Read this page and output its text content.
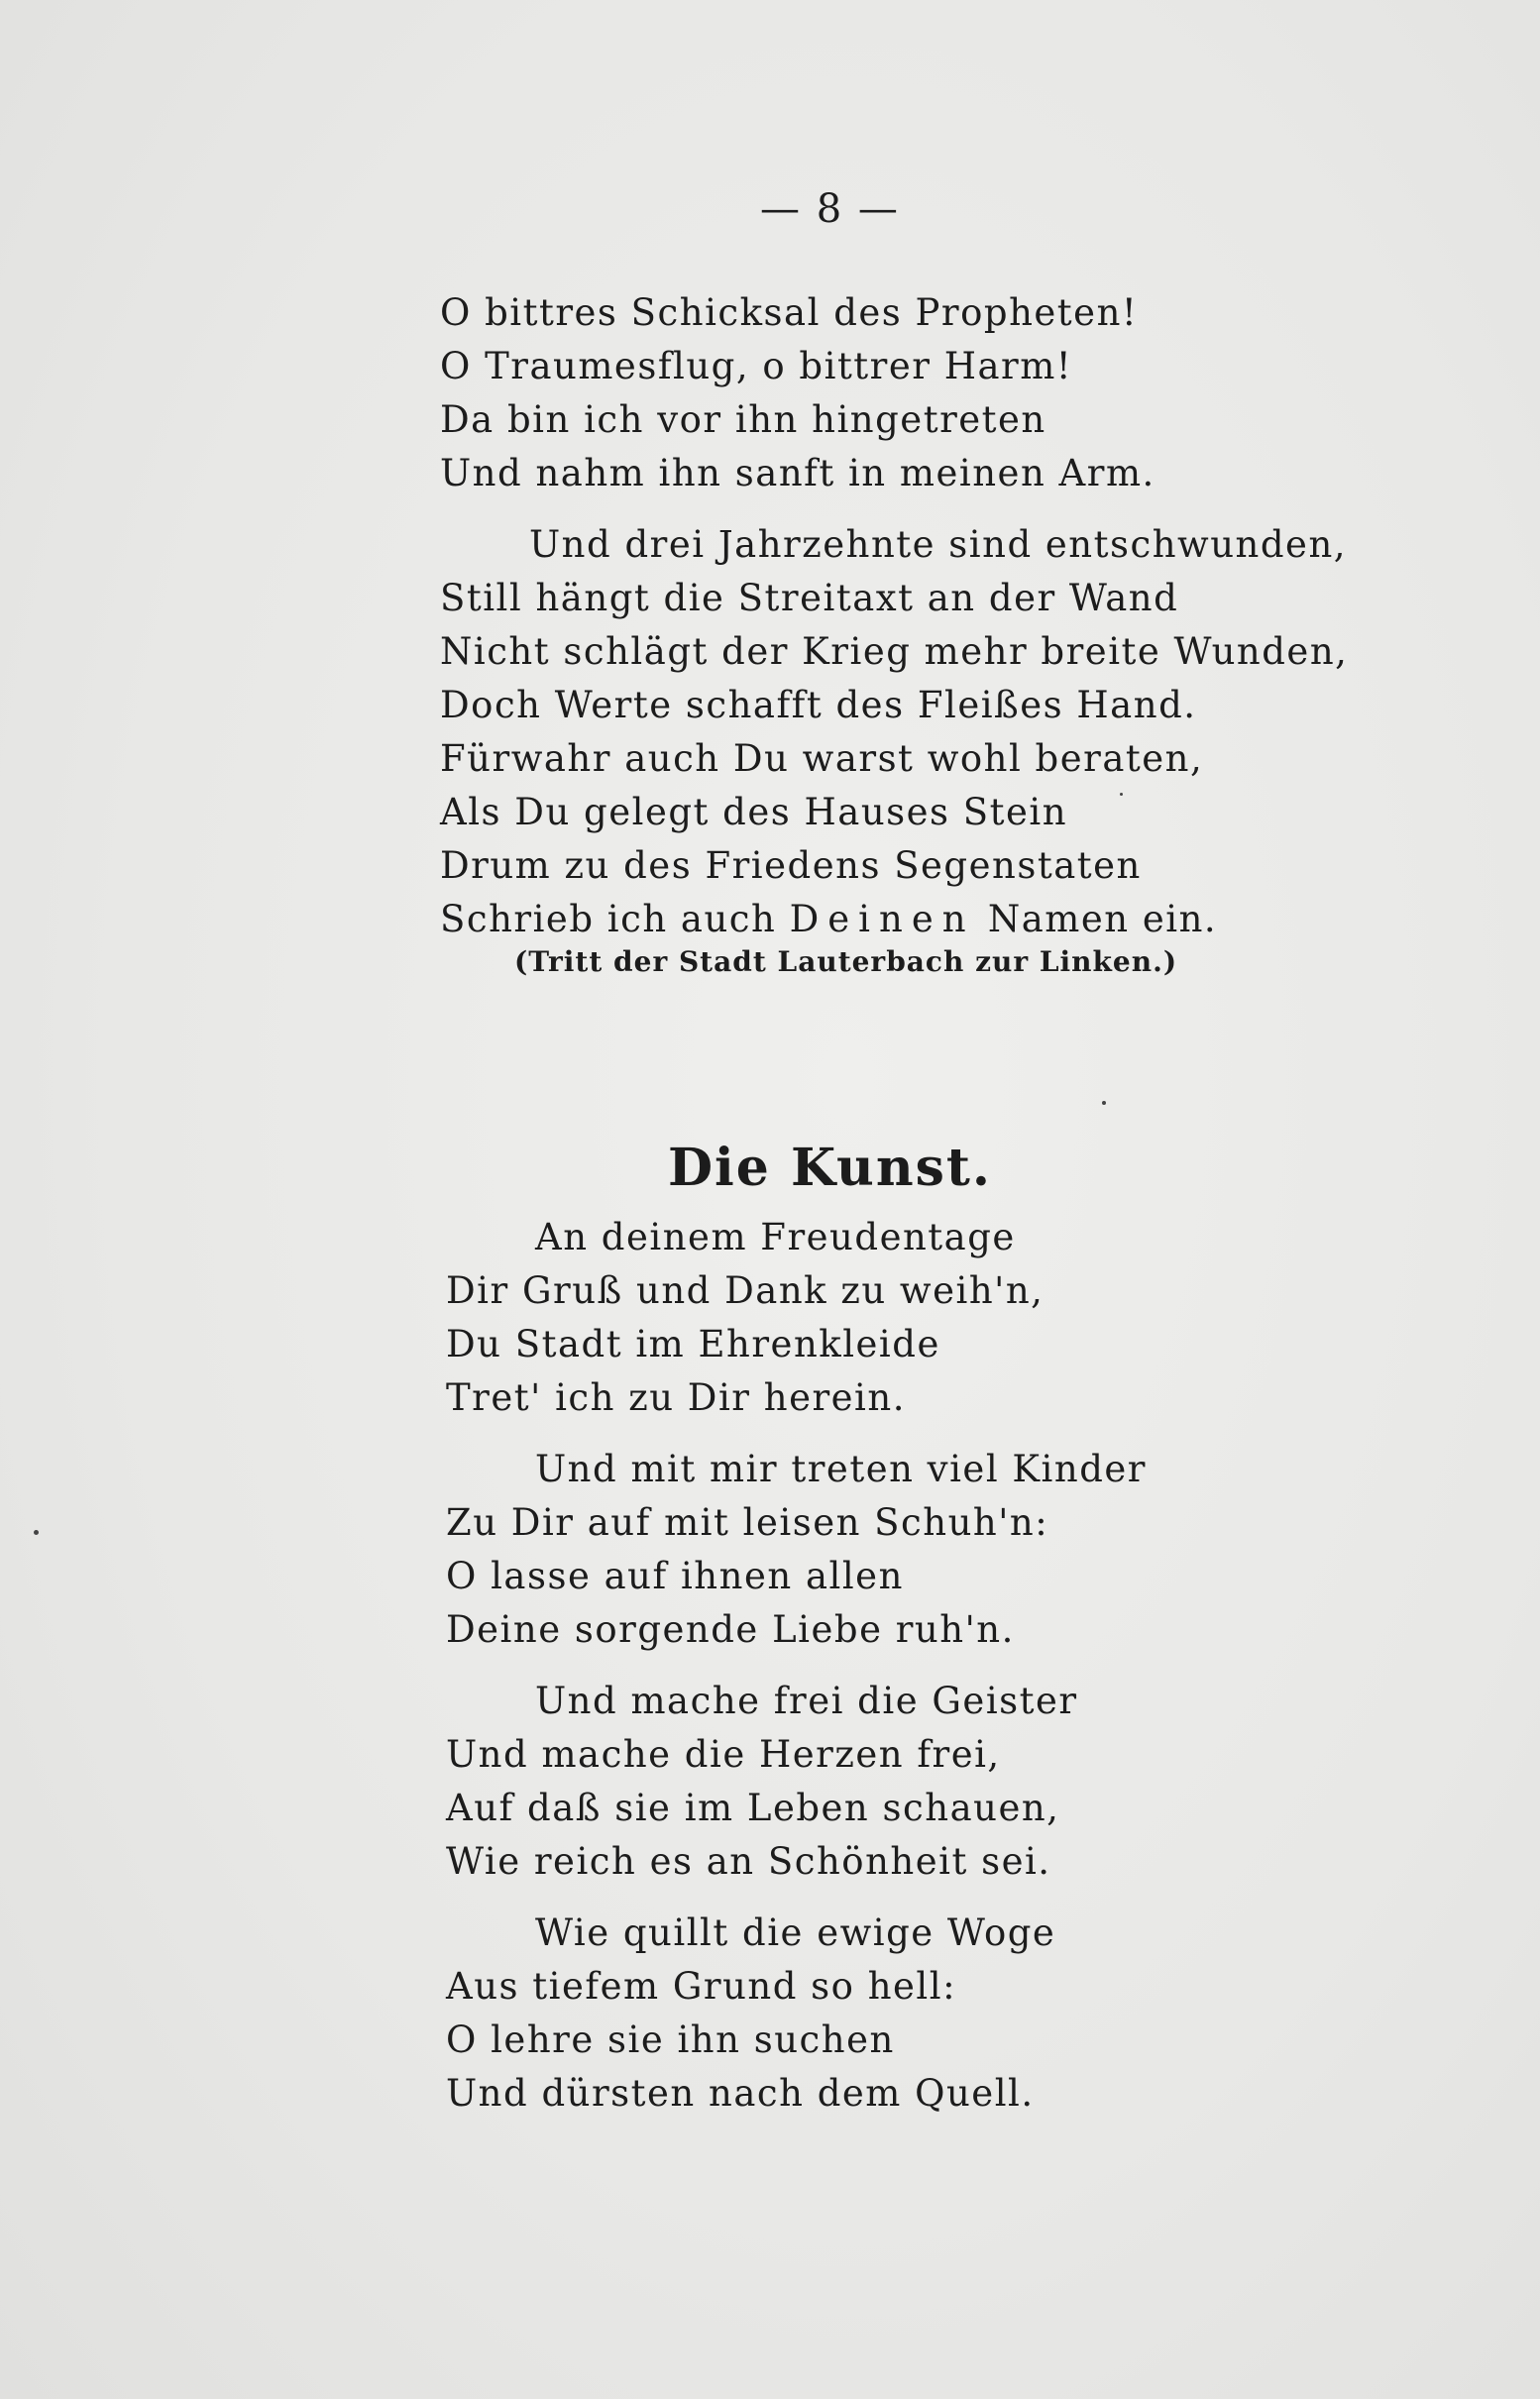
— 8 —
O bittres Schicksal des Propheten!
O Traumesflug, o bittrer Harm!
Da bin ich vor ihn hingetreten
Und nahm ihn sanft in meinen Arm.
Und drei Jahrzehnte sind entschwunden,
Still hängt die Streitaxt an der Wand
Nicht schlägt der Krieg mehr breite Wunden,
Doch Werte schafft des Fleißes Hand.
Fürwahr auch Du warst wohl beraten,
Als Du gelegt des Hauses Stein
Drum zu des Friedens Segenstaten
Schrieb ich auch Deinen Namen ein.
(Tritt der Stadt Lauterbach zur Linken.)
Die Kunst.
An deinem Freudentage
Dir Gruß und Dank zu weih'n,
Du Stadt im Ehrenkleide
Tret' ich zu Dir herein.
Und mit mir treten viel Kinder
Zu Dir auf mit leisen Schuh'n:
O lasse auf ihnen allen
Deine sorgende Liebe ruh'n.
Und mache frei die Geister
Und mache die Herzen frei,
Auf daß sie im Leben schauen,
Wie reich es an Schönheit sei.
Wie quillt die ewige Woge
Aus tiefem Grund so hell:
O lehre sie ihn suchen
Und dürsten nach dem Quell.
